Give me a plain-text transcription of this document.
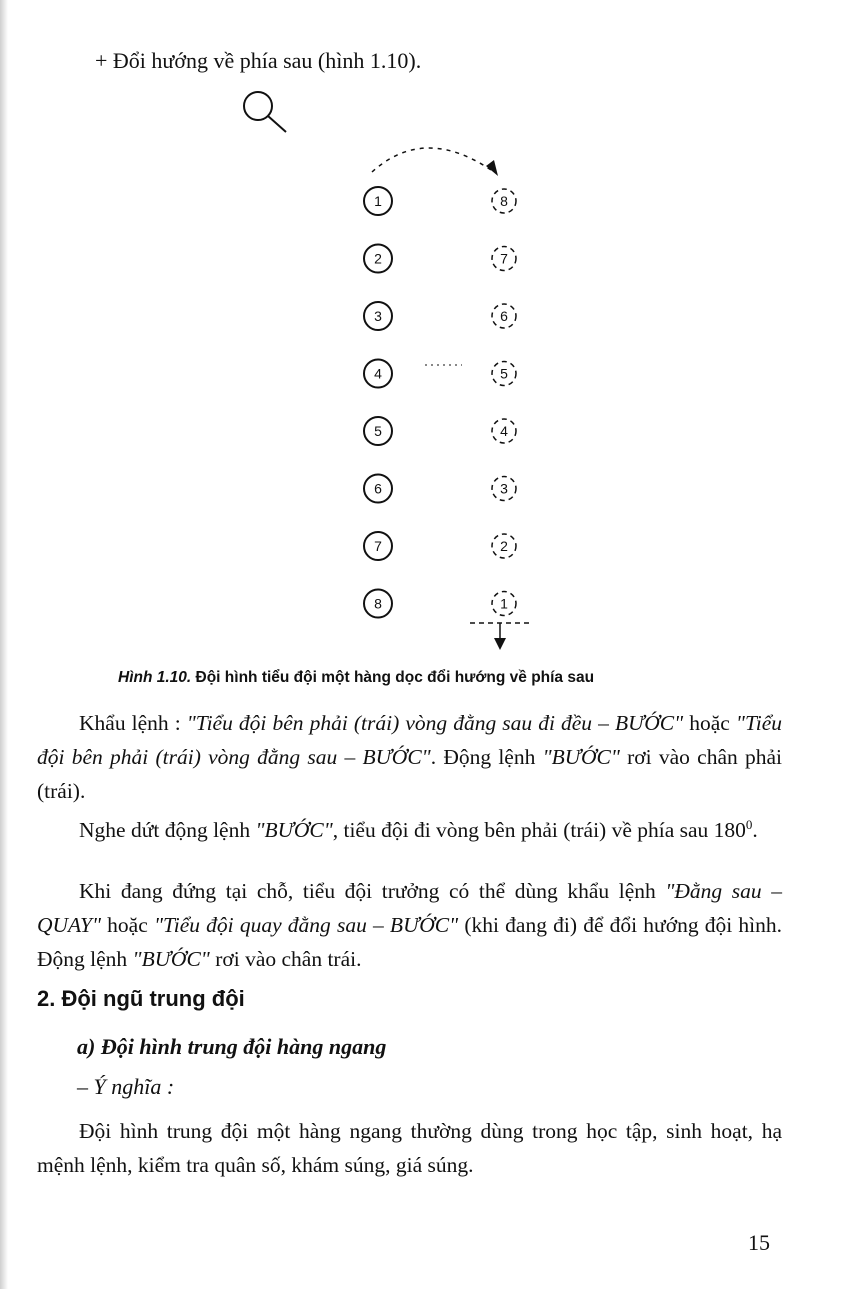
+ Đổi hướng về phía sau (hình 1.10).
1
2
3
4
5
6
7
8
8
7
6
5
4
3
2
1
Hình 1.10. Đội hình tiểu đội một hàng dọc đổi hướng về phía sau

Khẩu lệnh : "Tiểu đội bên phải (trái) vòng đằng sau đi đều – BƯỚC" hoặc "Tiểu đội bên phải (trái) vòng đằng sau – BƯỚC". Động lệnh "BƯỚC" rơi vào chân phải (trái).

Nghe dứt động lệnh "BƯỚC", tiểu đội đi vòng bên phải (trái) về phía sau $180^0$.

Khi đang đứng tại chỗ, tiểu đội trưởng có thể dùng khẩu lệnh "Đằng sau – QUAY" hoặc "Tiểu đội quay đằng sau – BƯỚC" (khi đang đi) để đổi hướng đội hình. Động lệnh "BƯỚC" rơi vào chân trái.

2. Đội ngũ trung đội
a) Đội hình trung đội hàng ngang
– Ý nghĩa :

Đội hình trung đội một hàng ngang thường dùng trong học tập, sinh hoạt, hạ mệnh lệnh, kiểm tra quân số, khám súng, giá súng.

15
